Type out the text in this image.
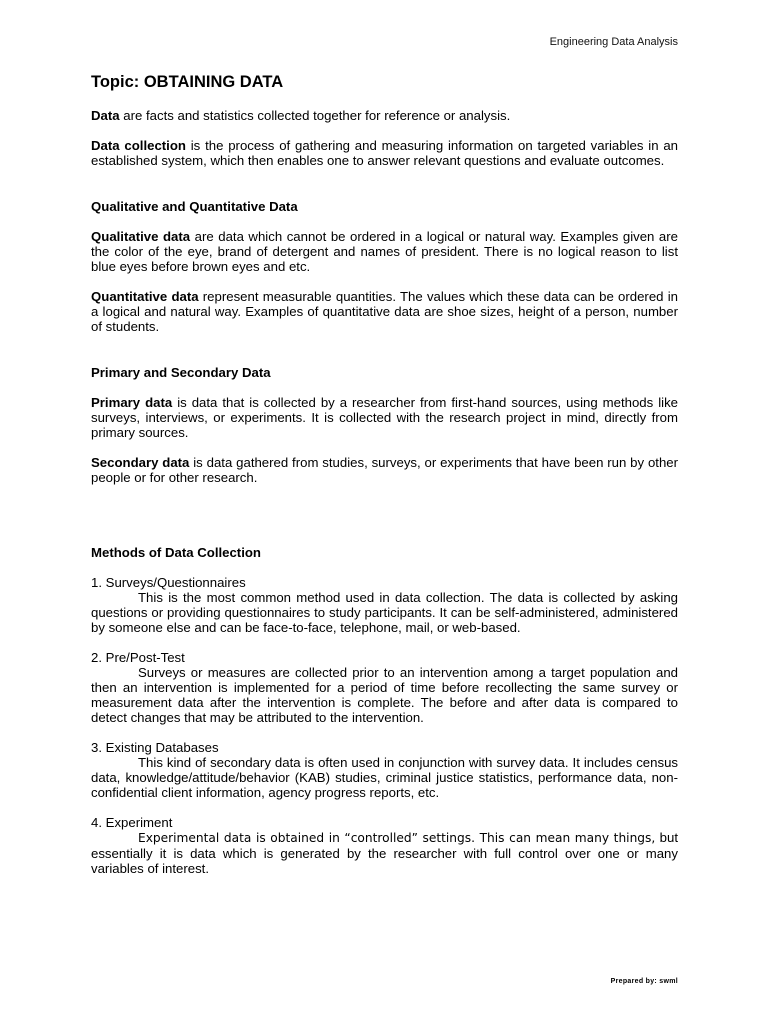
Engineering Data Analysis
Topic: OBTAINING DATA

Data are facts and statistics collected together for reference or analysis.

Data collection is the process of gathering and measuring information on targeted variables in an established system, which then enables one to answer relevant questions and evaluate outcomes.

Qualitative and Quantitative Data

Qualitative data are data which cannot be ordered in a logical or natural way. Examples given are the color of the eye, brand of detergent and names of president. There is no logical reason to list blue eyes before brown eyes and etc.

Quantitative data represent measurable quantities. The values which these data can be ordered in a logical and natural way. Examples of quantitative data are shoe sizes, height of a person, number of students.

Primary and Secondary Data

Primary data is data that is collected by a researcher from first-hand sources, using methods like surveys, interviews, or experiments. It is collected with the research project in mind, directly from primary sources.

Secondary data is data gathered from studies, surveys, or experiments that have been run by other people or for other research.

Methods of Data Collection
1. Surveys/Questionnaires

This is the most common method used in data collection. The data is collected by asking questions or providing questionnaires to study participants. It can be self-administered, administered by someone else and can be face-to-face, telephone, mail, or web-based.

2. Pre/Post-Test

Surveys or measures are collected prior to an intervention among a target population and then an intervention is implemented for a period of time before recollecting the same survey or measurement data after the intervention is complete. The before and after data is compared to detect changes that may be attributed to the intervention.

3. Existing Databases

This kind of secondary data is often used in conjunction with survey data. It includes census data, knowledge/attitude/behavior (KAB) studies, criminal justice statistics, performance data, non-confidential client information, agency progress reports, etc.

4. Experiment

Experimental data is obtained in “controlled” settings. This can mean many things, but essentially it is data which is generated by the researcher with full control over one or many variables of interest.

Prepared by: swml
